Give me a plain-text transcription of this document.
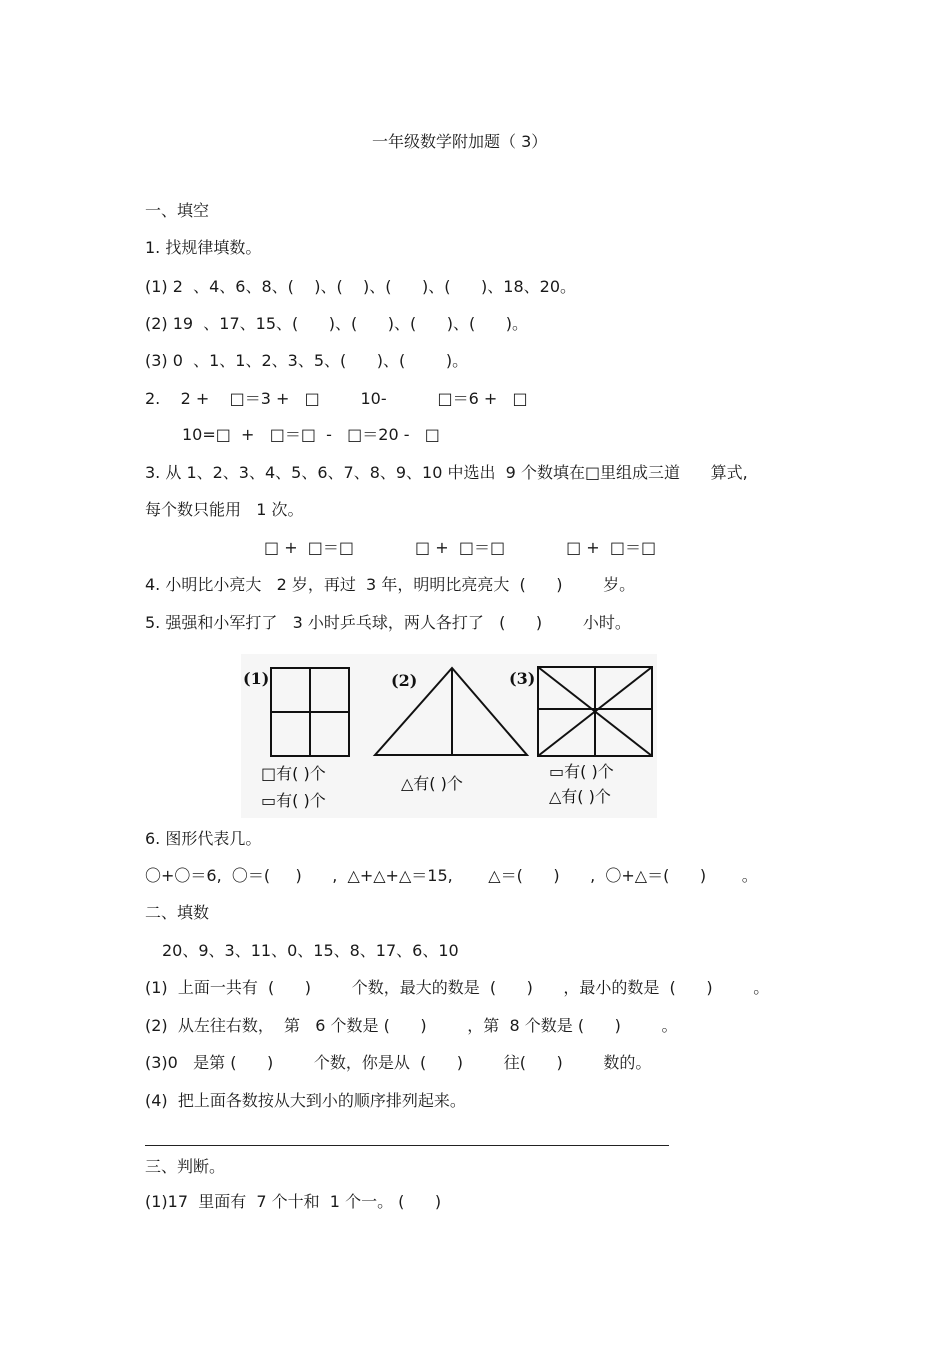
一年级数学附加题（ 3）
一、填空
1. 找规律填数。
(1) 2  、4、6、8、(    )、(    )、(      )、(      )、18、20。
(2) 19  、17、15、(      )、(      )、(      )、(      )。
(3) 0  、1、1、2、3、5、(      )、(        )。
2.    2 +    □＝3 +   □        10-          □＝6 +   □
10=□  +   □＝□  -   □＝20 -   □
3. 从 1、2、3、4、5、6、7、8、9、10 中选出  9 个数填在□里组成三道      算式,
每个数只能用   1 次。
□ +  □＝□            □ +  □＝□            □ +  □＝□
4. 小明比小亮大   2 岁，再过  3 年，明明比亮亮大  (      )        岁。
5. 强强和小军打了   3 小时乒乓球，两人各打了   (      )        小时。
(1)	(2)	(3)
□有( )个
▭有( )个
△有( )个
▭有( )个
△有( )个
6. 图形代表几。
〇+〇＝6,  〇＝(     )      ,  △+△+△＝15,       △＝(      )      ,  〇+△＝(      )       。
二、填数
20、9、3、11、0、15、8、17、6、10
(1)  上面一共有  (      )        个数，最大的数是  (      )      ，最小的数是  (      )        。
(2)  从左往右数，  第   6 个数是 (      )        ，第  8 个数是 (      )        。
(3)0   是第 (      )        个数，你是从  (      )        往(      )        数的。
(4)  把上面各数按从大到小的顺序排列起来。
三、判断。
(1)17  里面有  7 个十和  1 个一。 (      )
